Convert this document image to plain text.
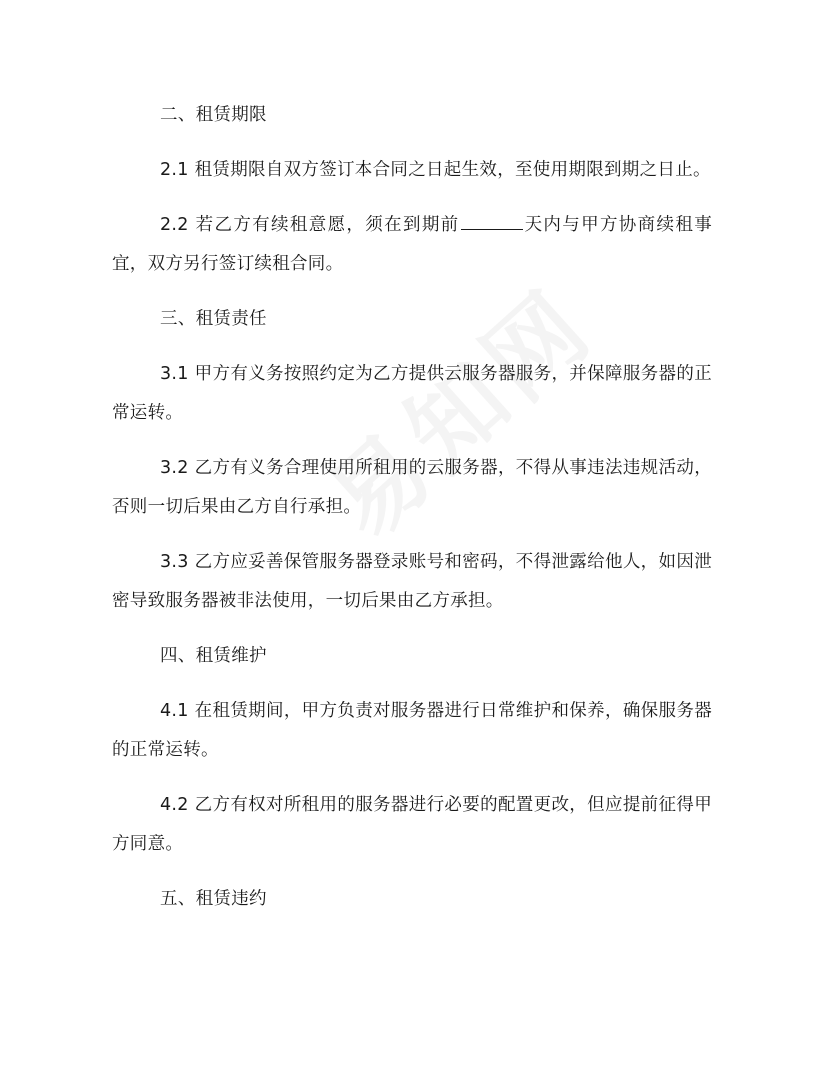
二、租赁期限
2.1 租赁期限自双方签订本合同之日起生效，至使用期限到期之日止。
2.2 若乙方有续租意愿，须在到期前	天内与甲方协商续租事宜，双方另行签订续租合同。
三、租赁责任
3.1 甲方有义务按照约定为乙方提供云服务器服务，并保障服务器的正常运转。
3.2 乙方有义务合理使用所租用的云服务器，不得从事违法违规活动，否则一切后果由乙方自行承担。
3.3 乙方应妥善保管服务器登录账号和密码，不得泄露给他人，如因泄密导致服务器被非法使用，一切后果由乙方承担。
四、租赁维护
4.1 在租赁期间，甲方负责对服务器进行日常维护和保养，确保服务器的正常运转。
4.2 乙方有权对所租用的服务器进行必要的配置更改，但应提前征得甲方同意。
五、租赁违约
